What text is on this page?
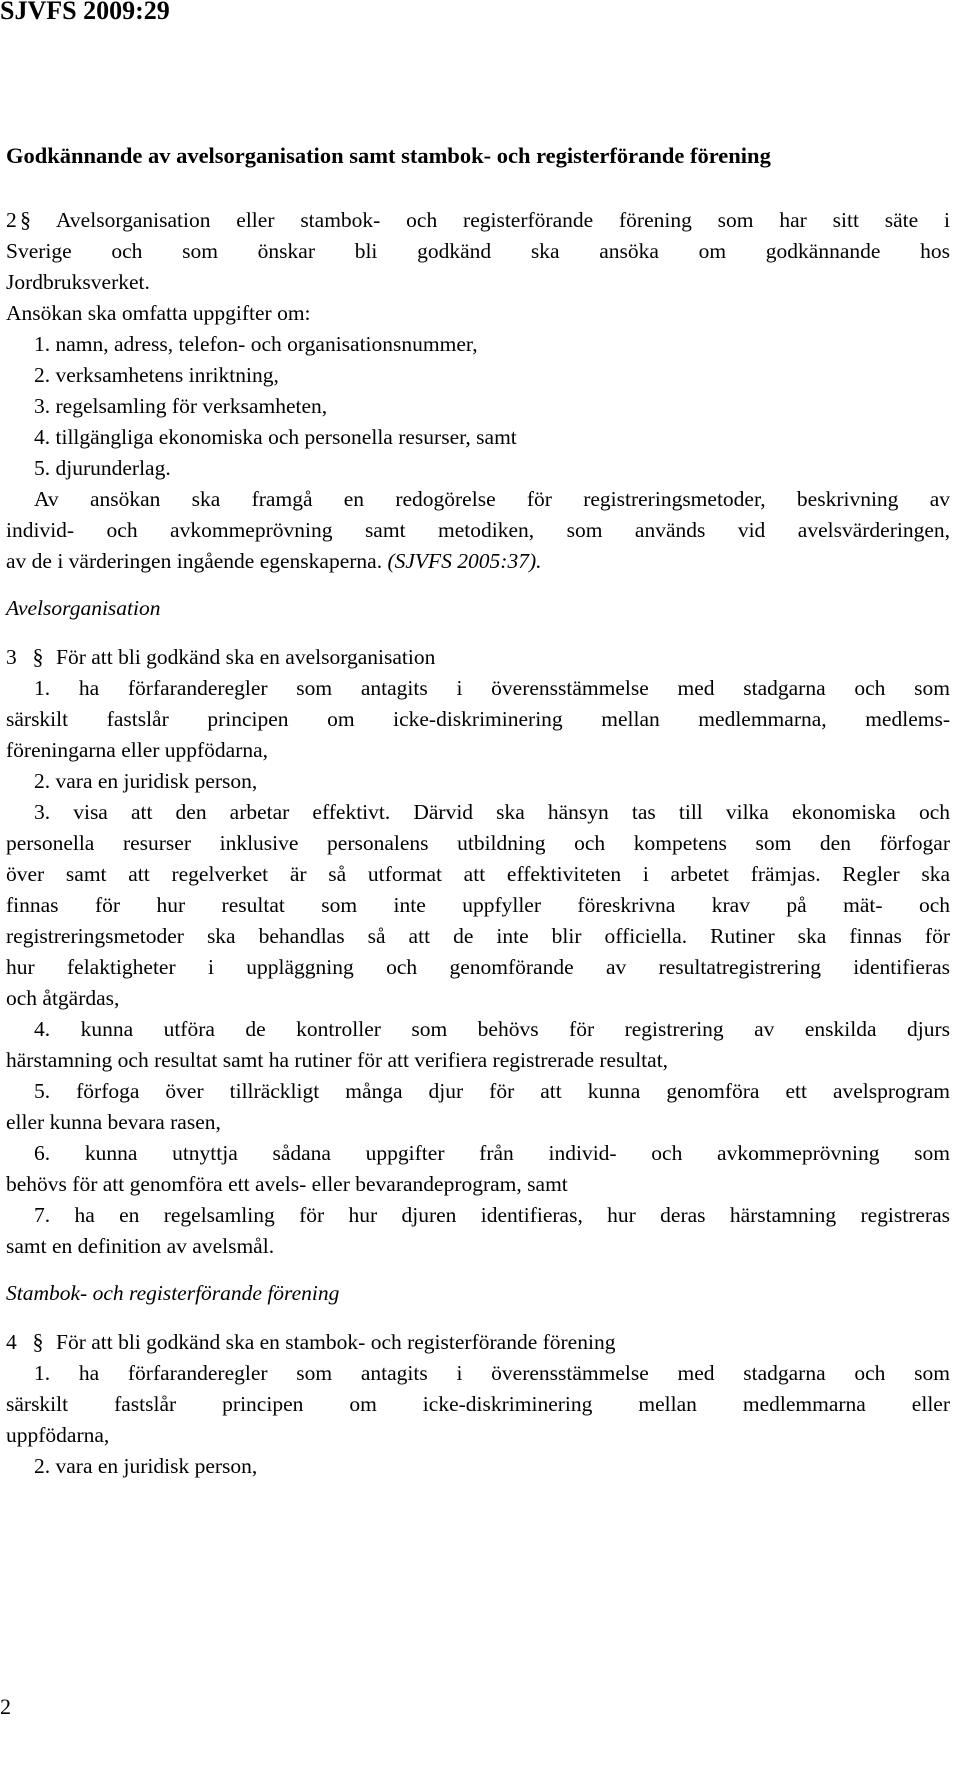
SJVFS 2009:29
Godkännande av avelsorganisation samt stambok- och registerförande förening
2 § Avelsorganisation eller stambok- och registerförande förening som har sitt säte i
Sverige och som önskar bli godkänd ska ansöka om godkännande hos
Jordbruksverket.
Ansökan ska omfatta uppgifter om:
1. namn, adress, telefon- och organisationsnummer,
2. verksamhetens inriktning,
3. regelsamling för verksamheten,
4. tillgängliga ekonomiska och personella resurser, samt
5. djurunderlag.
Av ansökan ska framgå en redogörelse för registreringsmetoder, beskrivning av
individ- och avkommeprövning samt metodiken, som används vid avelsvärderingen,
av de i värderingen ingående egenskaperna. (SJVFS 2005:37).
Avelsorganisation
3 § För att bli godkänd ska en avelsorganisation
1. ha förfaranderegler som antagits i överensstämmelse med stadgarna och som
särskilt fastslår principen om icke-diskriminering mellan medlemmarna, medlems-
föreningarna eller uppfödarna,
2. vara en juridisk person,
3. visa att den arbetar effektivt. Därvid ska hänsyn tas till vilka ekonomiska och
personella resurser inklusive personalens utbildning och kompetens som den förfogar
över samt att regelverket är så utformat att effektiviteten i arbetet främjas. Regler ska
finnas för hur resultat som inte uppfyller föreskrivna krav på mät- och
registreringsmetoder ska behandlas så att de inte blir officiella. Rutiner ska finnas för
hur felaktigheter i uppläggning och genomförande av resultatregistrering identifieras
och åtgärdas,
4. kunna utföra de kontroller som behövs för registrering av enskilda djurs
härstamning och resultat samt ha rutiner för att verifiera registrerade resultat,
5. förfoga över tillräckligt många djur för att kunna genomföra ett avelsprogram
eller kunna bevara rasen,
6. kunna utnyttja sådana uppgifter från individ- och avkommeprövning som
behövs för att genomföra ett avels- eller bevarandeprogram, samt
7. ha en regelsamling för hur djuren identifieras, hur deras härstamning registreras
samt en definition av avelsmål.
Stambok- och registerförande förening
4 § För att bli godkänd ska en stambok- och registerförande förening
1. ha förfaranderegler som antagits i överensstämmelse med stadgarna och som
särskilt fastslår principen om icke-diskriminering mellan medlemmarna eller
uppfödarna,
2. vara en juridisk person,
2
